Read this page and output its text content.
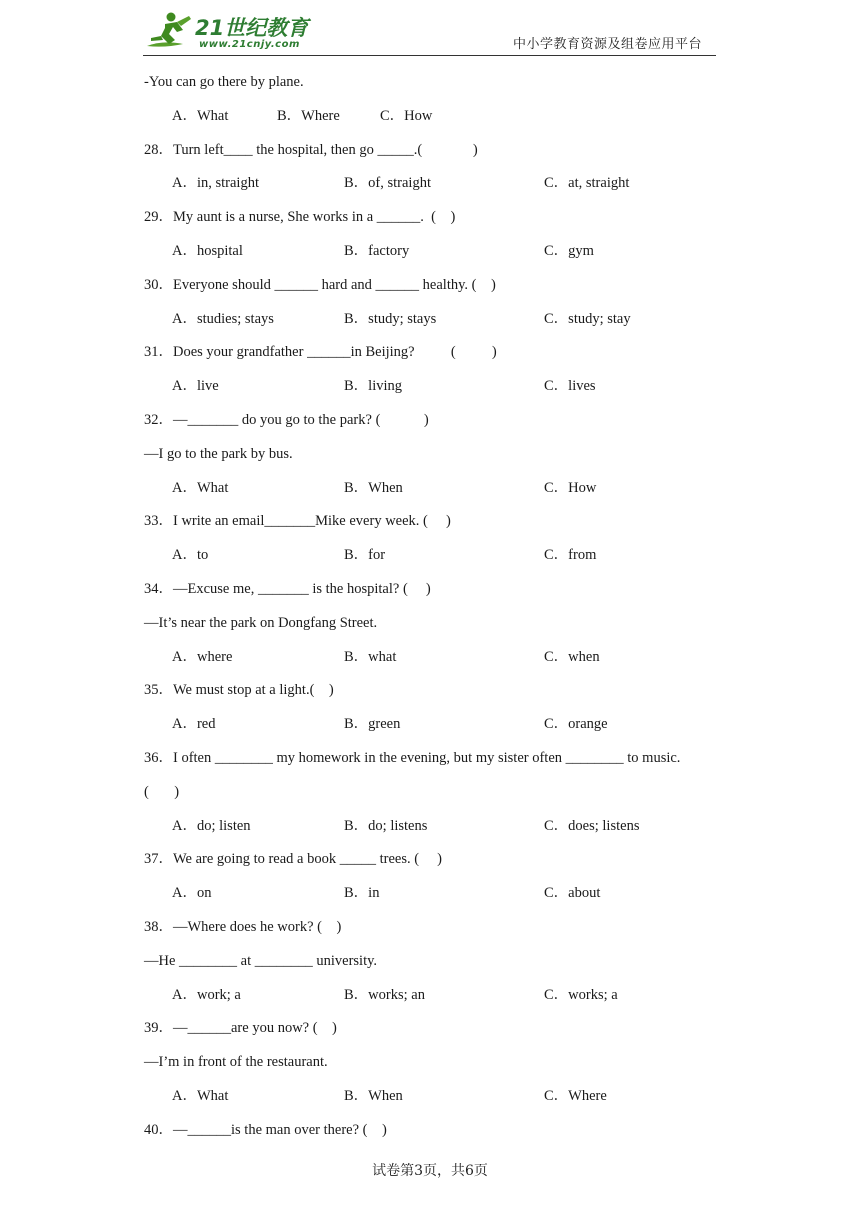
21世纪教育
www.21cnjy.com	中小学教育资源及组卷应用平台
-You can go there by plane.

A．What

	B．Where

	C．How

28．Turn left____ the hospital, then go _____.(              )

A．in, straight

	B．of, straight

	C．at, straight

29．My aunt is a nurse, She works in a ______.  (    )

A．hospital

	B．factory

	C．gym

30．Everyone should ______ hard and ______ healthy. (    )

A．studies; stays

	B．study; stays

	C．study; stay

31．Does your grandfather ______in Beijing?          (          )

A．live

	B．living

	C．lives

32．—_______ do you go to the park? (            )
—I go to the park by bus.

A．What

	B．When

	C．How

33．I write an email_______Mike every week. (     )

A．to

	B．for

	C．from

34．—Excuse me, _______ is the hospital? (     )
—It’s near the park on Dongfang Street.

A．where

	B．what

	C．when

35．We must stop at a light.(    )

A．red

	B．green

	C．orange

36．I often ________ my homework in the evening, but my sister often ________ to music.
(       )

A．do; listen

	B．do; listens

	C．does; listens

37．We are going to read a book _____ trees. (     )

A．on

	B．in

	C．about

38．—Where does he work? (    )
—He ________ at ________ university.

A．work; a

	B．works; an

	C．works; a

39．—______are you now? (    )
—I’m in front of the restaurant.

A．What

	B．When

	C．Where

40．—______is the man over there? (    )
试卷第3页，共6页
